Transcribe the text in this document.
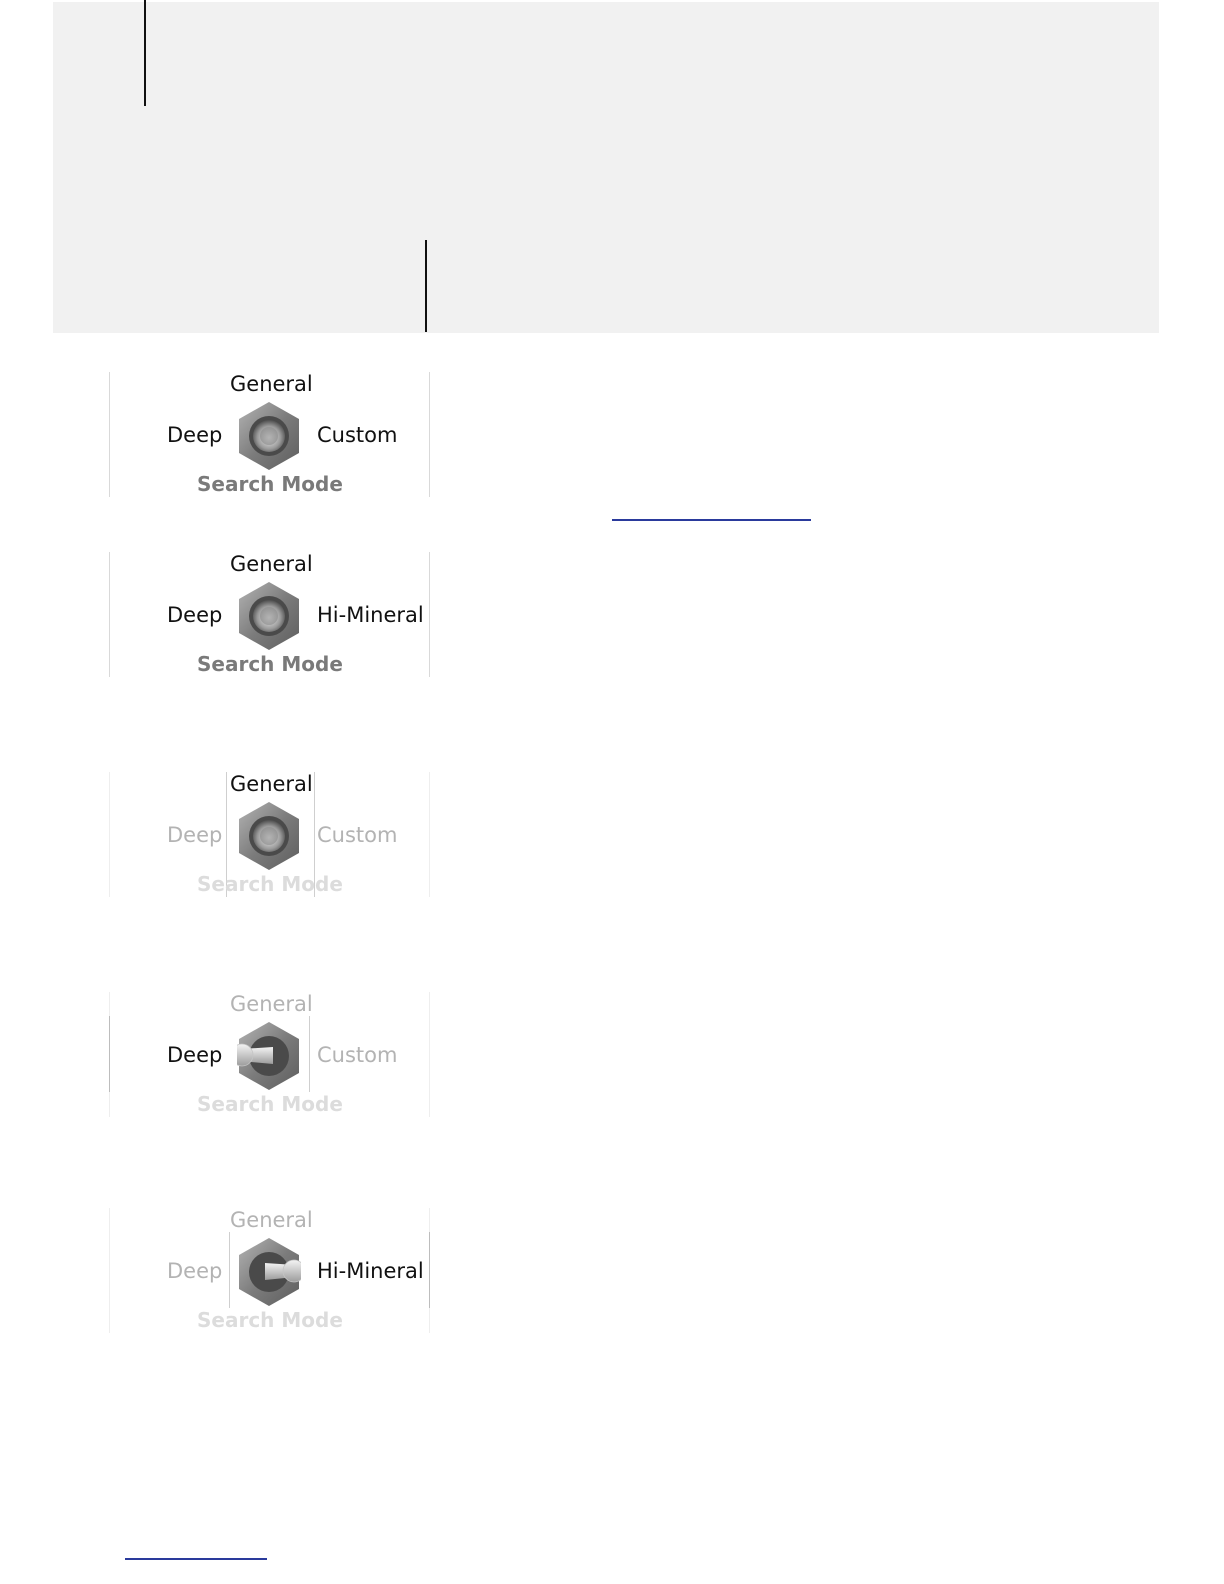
General
Deep	Custom
Search Mode
General
Deep	Hi-Mineral
Search Mode
General
Deep	Custom
Search Mode
General
Deep	Custom
Search Mode
General
Deep	Hi-Mineral
Search Mode
